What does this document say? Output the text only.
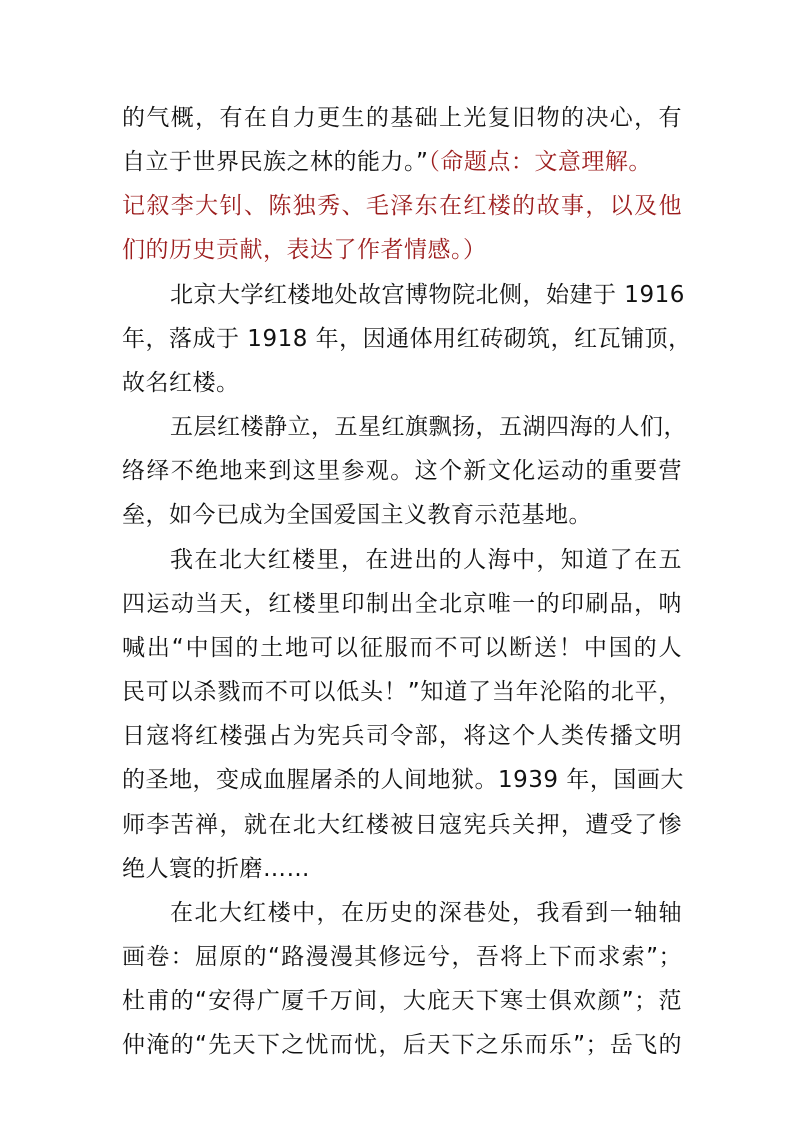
的气概，有在自力更生的基础上光复旧物的决心，有
自立于世界民族之林的能力。”（命题点：文意理解。
记叙李大钊、陈独秀、毛泽东在红楼的故事，以及他
们的历史贡献，表达了作者情感。）
北京大学红楼地处故宫博物院北侧，始建于 1916
年，落成于 1918 年，因通体用红砖砌筑，红瓦铺顶，
故名红楼。
五层红楼静立，五星红旗飘扬，五湖四海的人们，
络绎不绝地来到这里参观。这个新文化运动的重要营
垒，如今已成为全国爱国主义教育示范基地。
我在北大红楼里，在进出的人海中，知道了在五
四运动当天，红楼里印制出全北京唯一的印刷品，呐
喊出“中国的土地可以征服而不可以断送！中国的人
民可以杀戮而不可以低头！”知道了当年沦陷的北平，
日寇将红楼强占为宪兵司令部，将这个人类传播文明
的圣地，变成血腥屠杀的人间地狱。1939 年，国画大
师李苦禅，就在北大红楼被日寇宪兵关押，遭受了惨
绝人寰的折磨……
在北大红楼中，在历史的深巷处，我看到一轴轴
画卷：屈原的“路漫漫其修远兮，吾将上下而求索”；
杜甫的“安得广厦千万间，大庇天下寒士俱欢颜”；范
仲淹的“先天下之忧而忧，后天下之乐而乐”；岳飞的
